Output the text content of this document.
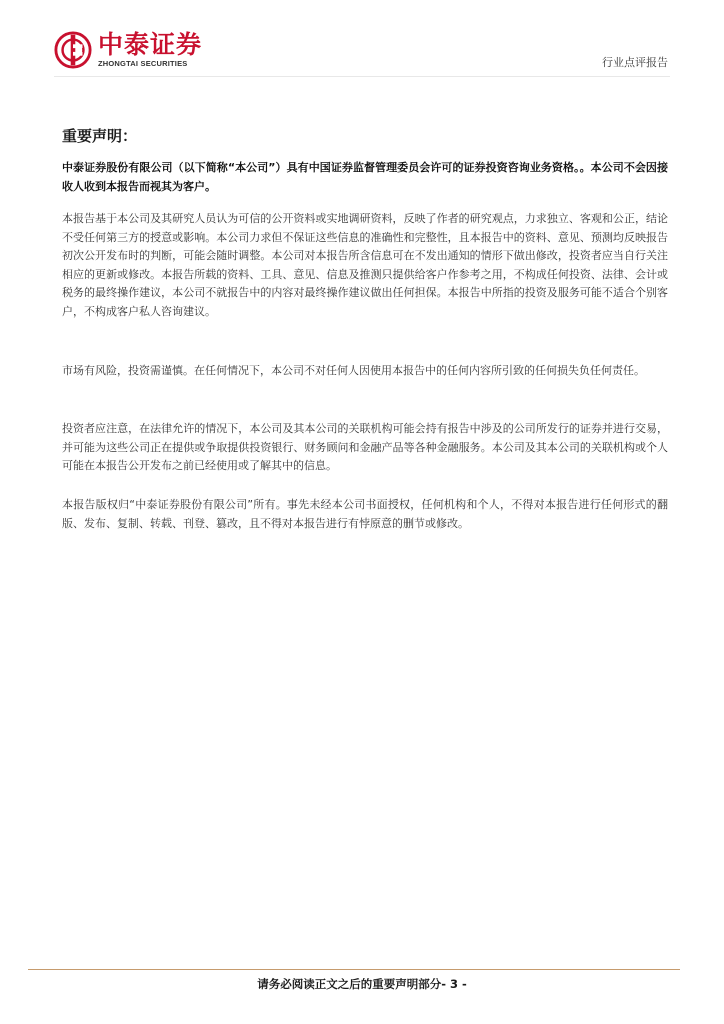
中泰证券
ZHONGTAI SECURITIES	行业点评报告
重要声明：
中泰证券股份有限公司（以下简称“本公司”）具有中国证券监督管理委员会许可的证券投资咨询业务资格。。本公司不会因接收人收到本报告而视其为客户。
本报告基于本公司及其研究人员认为可信的公开资料或实地调研资料，反映了作者的研究观点，力求独立、客观和公正，结论不受任何第三方的授意或影响。本公司力求但不保证这些信息的准确性和完整性，且本报告中的资料、意见、预测均反映报告初次公开发布时的判断，可能会随时调整。本公司对本报告所含信息可在不发出通知的情形下做出修改，投资者应当自行关注相应的更新或修改。本报告所载的资料、工具、意见、信息及推测只提供给客户作参考之用，不构成任何投资、法律、会计或税务的最终操作建议，本公司不就报告中的内容对最终操作建议做出任何担保。本报告中所指的投资及服务可能不适合个别客户，不构成客户私人咨询建议。
市场有风险，投资需谨慎。在任何情况下，本公司不对任何人因使用本报告中的任何内容所引致的任何损失负任何责任。
投资者应注意，在法律允许的情况下，本公司及其本公司的关联机构可能会持有报告中涉及的公司所发行的证券并进行交易，并可能为这些公司正在提供或争取提供投资银行、财务顾问和金融产品等各种金融服务。本公司及其本公司的关联机构或个人可能在本报告公开发布之前已经使用或了解其中的信息。
本报告版权归“中泰证券股份有限公司”所有。事先未经本公司书面授权，任何机构和个人，不得对本报告进行任何形式的翻版、发布、复制、转载、刊登、篡改，且不得对本报告进行有悖原意的删节或修改。
请务必阅读正文之后的重要声明部分- 3 -
